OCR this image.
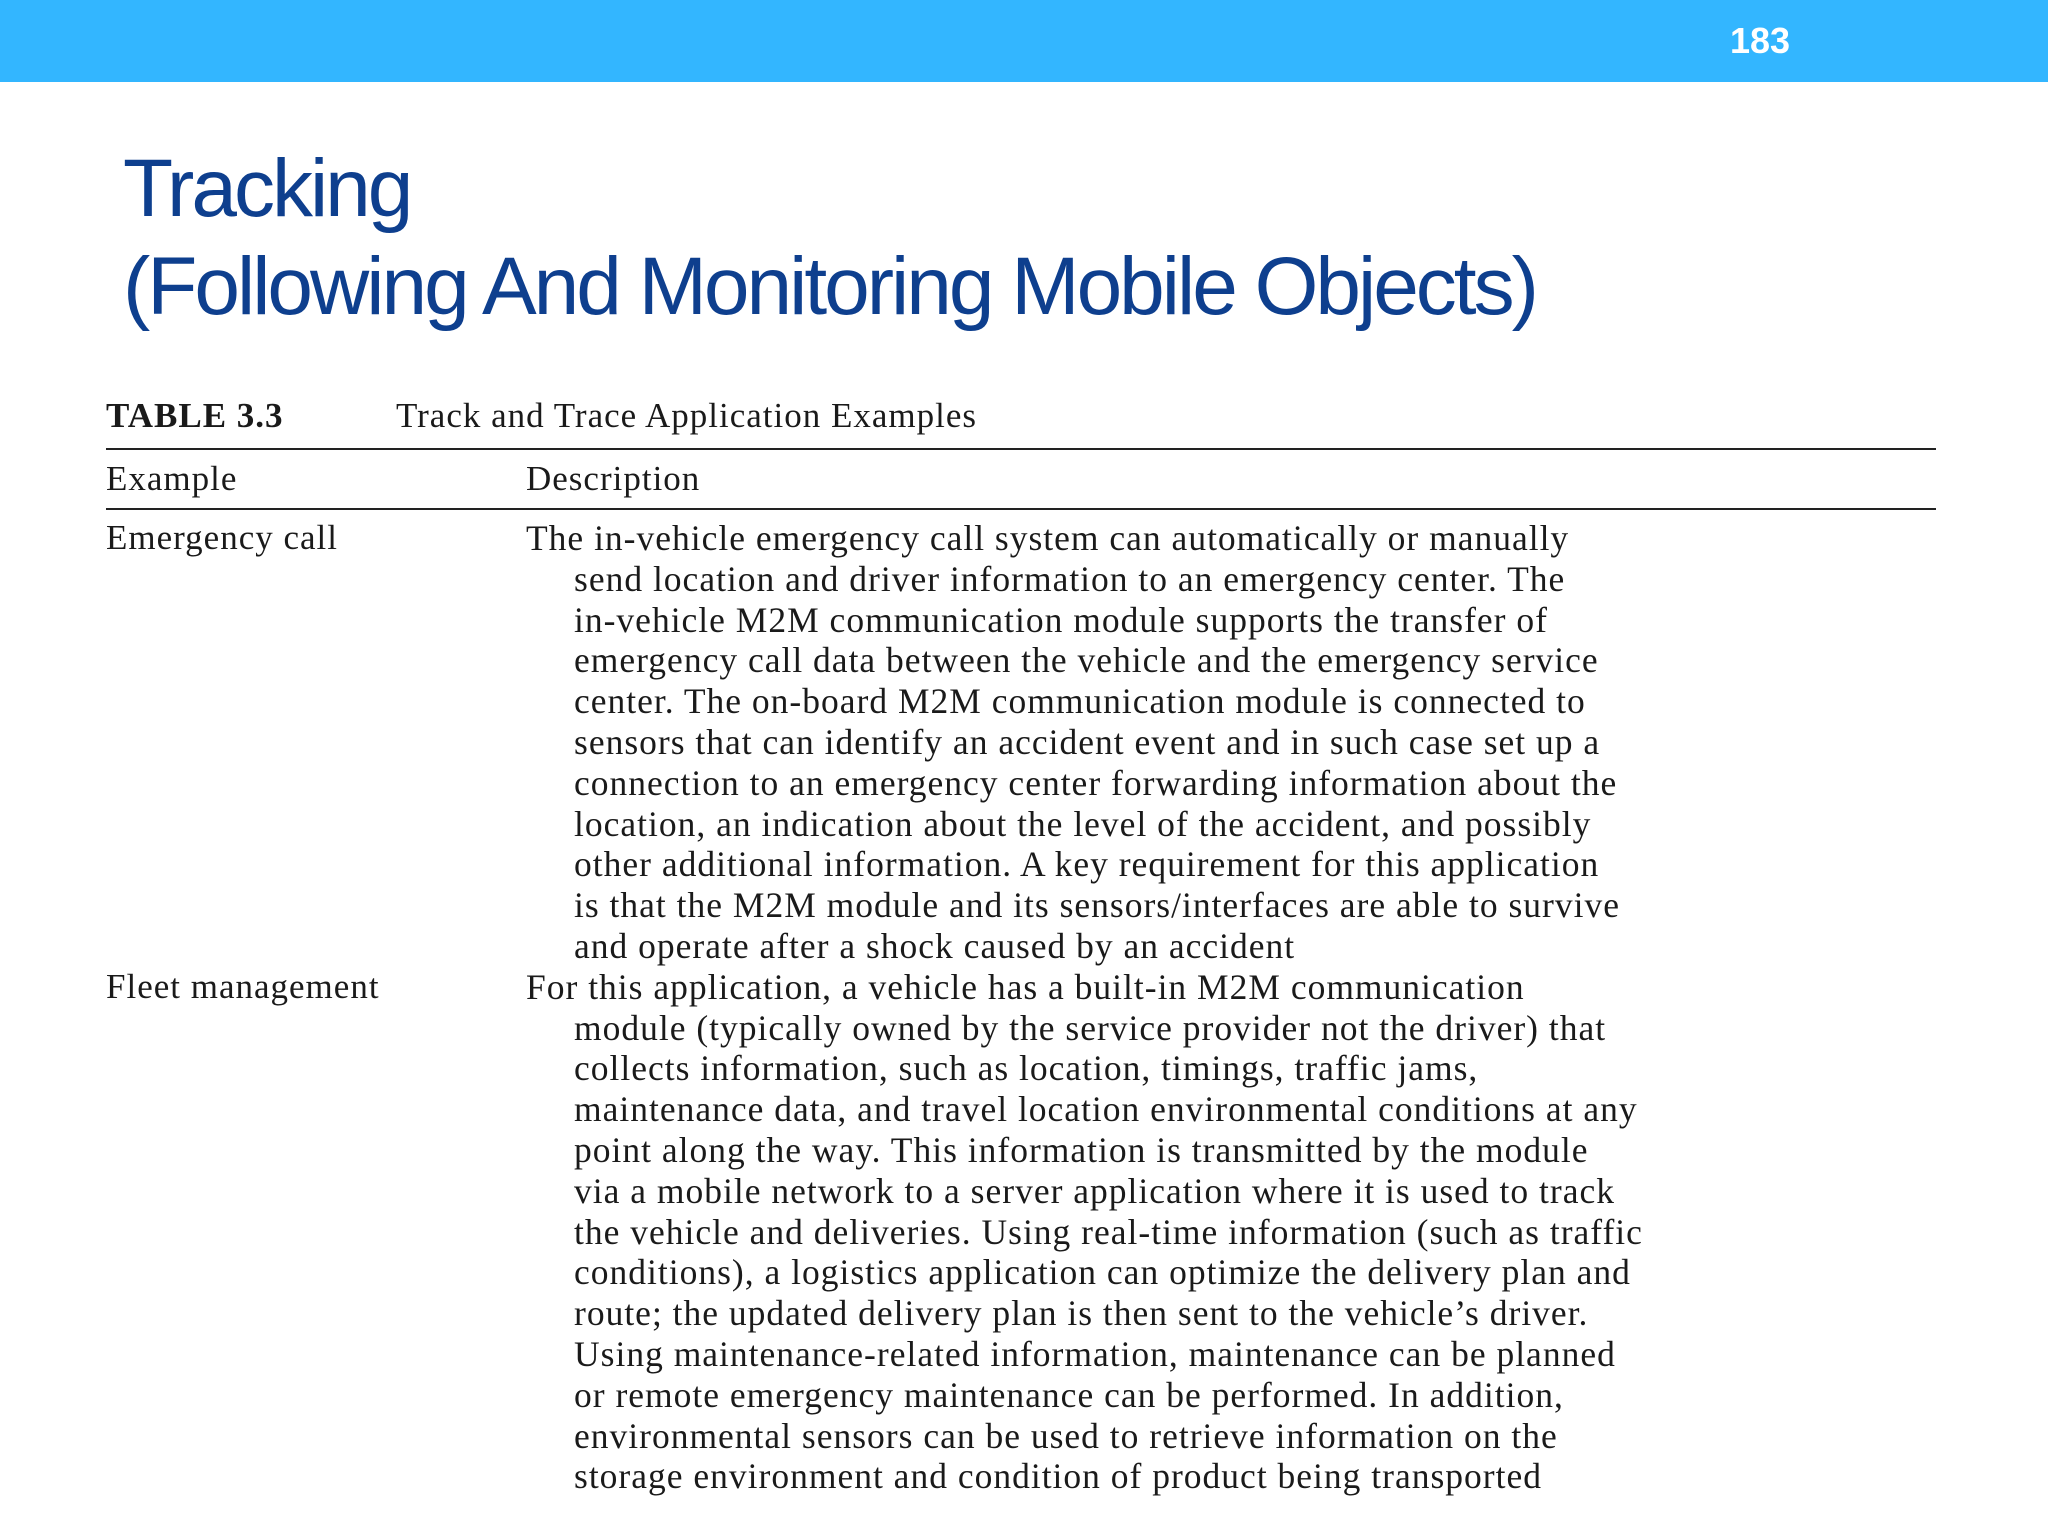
183
Tracking
(Following And Monitoring Mobile Objects)
TABLE 3.3	Track and Trace Application Examples
Example	Description
Emergency call	The in-vehicle emergency call system can automatically or manually
send location and driver information to an emergency center. The
in-vehicle M2M communication module supports the transfer of
emergency call data between the vehicle and the emergency service
center. The on-board M2M communication module is connected to
sensors that can identify an accident event and in such case set up a
connection to an emergency center forwarding information about the
location, an indication about the level of the accident, and possibly
other additional information. A key requirement for this application
is that the M2M module and its sensors/interfaces are able to survive
and operate after a shock caused by an accident
Fleet management	For this application, a vehicle has a built-in M2M communication
module (typically owned by the service provider not the driver) that
collects information, such as location, timings, traffic jams,
maintenance data, and travel location environmental conditions at any
point along the way. This information is transmitted by the module
via a mobile network to a server application where it is used to track
the vehicle and deliveries. Using real-time information (such as traffic
conditions), a logistics application can optimize the delivery plan and
route; the updated delivery plan is then sent to the vehicle’s driver.
Using maintenance-related information, maintenance can be planned
or remote emergency maintenance can be performed. In addition,
environmental sensors can be used to retrieve information on the
storage environment and condition of product being transported
